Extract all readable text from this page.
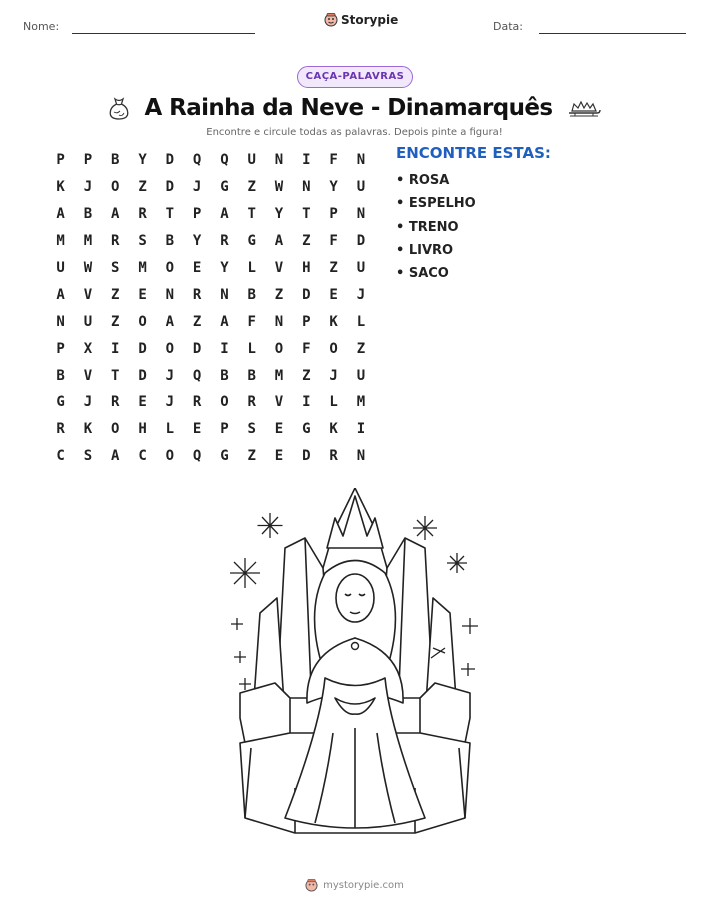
Nome:	Storypie	Data:
CAÇA-PALAVRAS
A Rainha da Neve - Dinamarquês
Encontre e circule todas as palavras. Depois pinte a figura!
P	P	B	Y	D	Q	Q	U	N	I	F	N
K	J	O	Z	D	J	G	Z	W	N	Y	U
A	B	A	R	T	P	A	T	Y	T	P	N
M	M	R	S	B	Y	R	G	A	Z	F	D
U	W	S	M	O	E	Y	L	V	H	Z	U
A	V	Z	E	N	R	N	B	Z	D	E	J
N	U	Z	O	A	Z	A	F	N	P	K	L
P	X	I	D	O	D	I	L	O	F	O	Z
B	V	T	D	J	Q	B	B	M	Z	J	U
G	J	R	E	J	R	O	R	V	I	L	M
R	K	O	H	L	E	P	S	E	G	K	I
C	S	A	C	O	Q	G	Z	E	D	R	N
ENCONTRE ESTAS:
• ROSA
• ESPELHO
• TRENO
• LIVRO
• SACO
mystorypie.com
